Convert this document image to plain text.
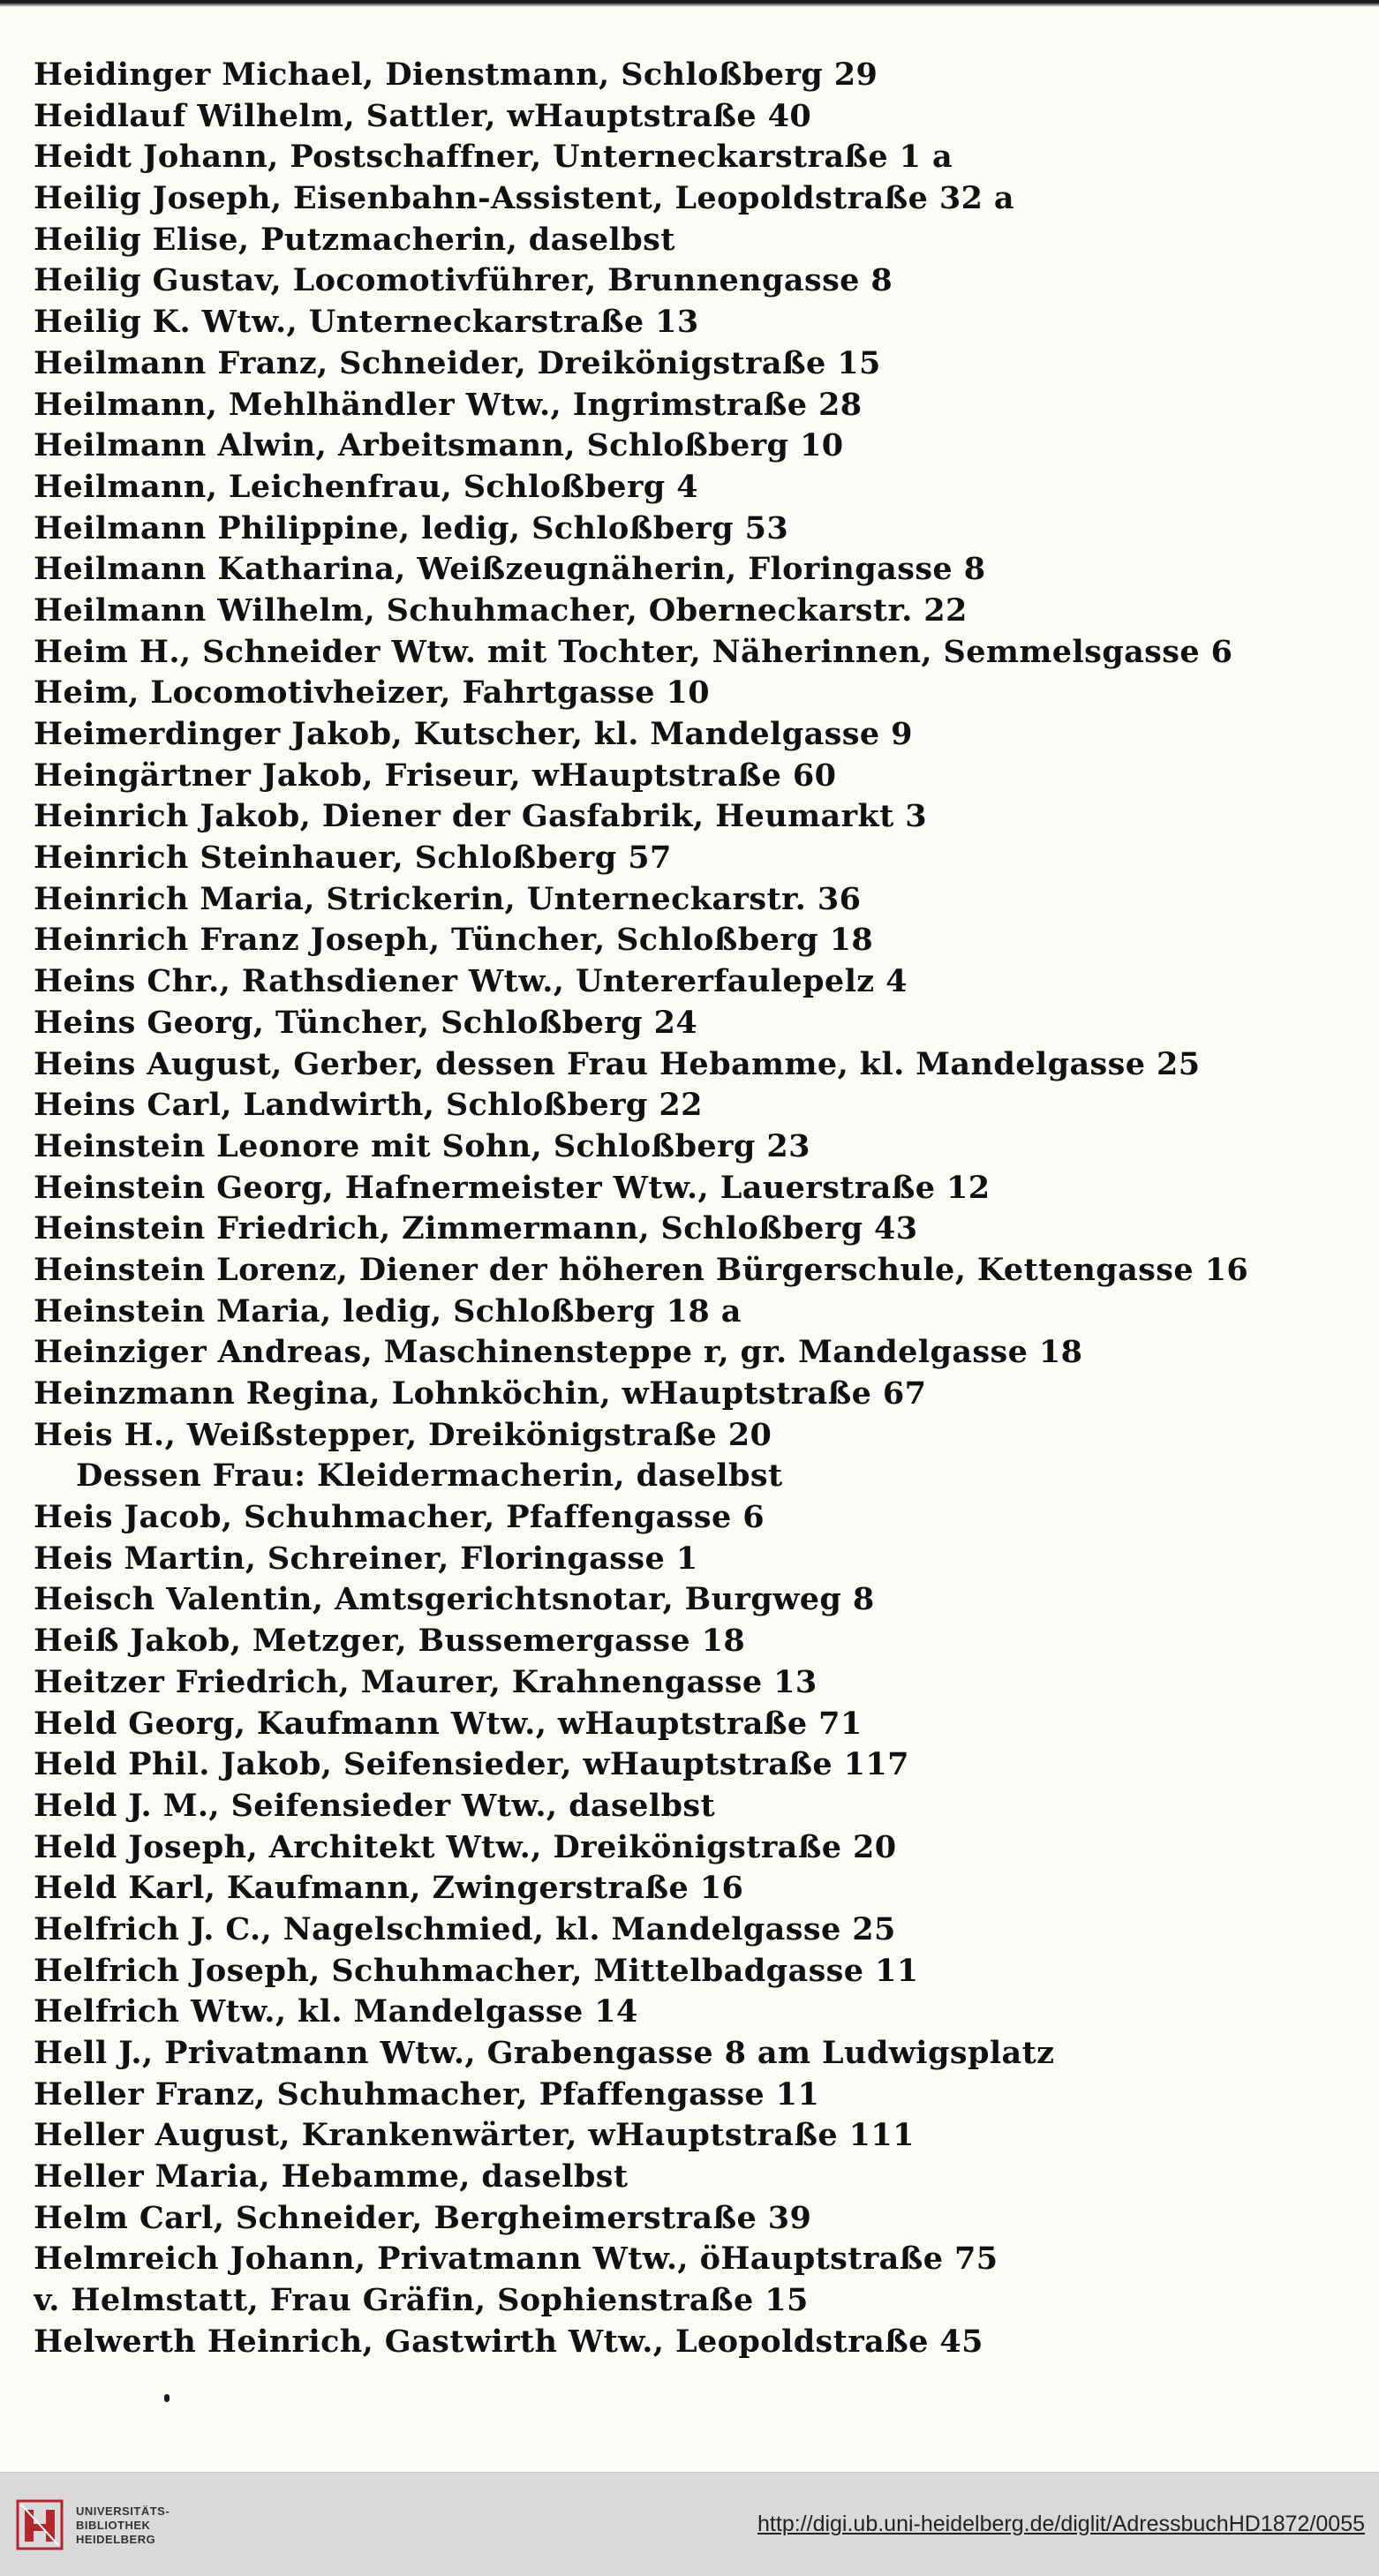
Heidinger Michael, Dienstmann, Schloßberg 29
Heidlauf Wilhelm, Sattler, wHauptstraße 40
Heidt Johann, Postschaffner, Unterneckarstraße 1 a
Heilig Joseph, Eisenbahn-Assistent, Leopoldstraße 32 a
Heilig Elise, Putzmacherin, daselbst
Heilig Gustav, Locomotivführer, Brunnengasse 8
Heilig K. Wtw., Unterneckarstraße 13
Heilmann Franz, Schneider, Dreikönigstraße 15
Heilmann, Mehlhändler Wtw., Ingrimstraße 28
Heilmann Alwin, Arbeitsmann, Schloßberg 10
Heilmann, Leichenfrau, Schloßberg 4
Heilmann Philippine, ledig, Schloßberg 53
Heilmann Katharina, Weißzeugnäherin, Floringasse 8
Heilmann Wilhelm, Schuhmacher, Oberneckarstr. 22
Heim H., Schneider Wtw. mit Tochter, Näherinnen, Semmelsgasse 6
Heim, Locomotivheizer, Fahrtgasse 10
Heimerdinger Jakob, Kutscher, kl. Mandelgasse 9
Heingärtner Jakob, Friseur, wHauptstraße 60
Heinrich Jakob, Diener der Gasfabrik, Heumarkt 3
Heinrich Steinhauer, Schloßberg 57
Heinrich Maria, Strickerin, Unterneckarstr. 36
Heinrich Franz Joseph, Tüncher, Schloßberg 18
Heins Chr., Rathsdiener Wtw., Untererfaulepelz 4
Heins Georg, Tüncher, Schloßberg 24
Heins August, Gerber, dessen Frau Hebamme, kl. Mandelgasse 25
Heins Carl, Landwirth, Schloßberg 22
Heinstein Leonore mit Sohn, Schloßberg 23
Heinstein Georg, Hafnermeister Wtw., Lauerstraße 12
Heinstein Friedrich, Zimmermann, Schloßberg 43
Heinstein Lorenz, Diener der höheren Bürgerschule, Kettengasse 16
Heinstein Maria, ledig, Schloßberg 18 a
Heinziger Andreas, Maschinensteppe r, gr. Mandelgasse 18
Heinzmann Regina, Lohnköchin, wHauptstraße 67
Heis H., Weißstepper, Dreikönigstraße 20
Dessen Frau: Kleidermacherin, daselbst
Heis Jacob, Schuhmacher, Pfaffengasse 6
Heis Martin, Schreiner, Floringasse 1
Heisch Valentin, Amtsgerichtsnotar, Burgweg 8
Heiß Jakob, Metzger, Bussemergasse 18
Heitzer Friedrich, Maurer, Krahnengasse 13
Held Georg, Kaufmann Wtw., wHauptstraße 71
Held Phil. Jakob, Seifensieder, wHauptstraße 117
Held J. M., Seifensieder Wtw., daselbst
Held Joseph, Architekt Wtw., Dreikönigstraße 20
Held Karl, Kaufmann, Zwingerstraße 16
Helfrich J. C., Nagelschmied, kl. Mandelgasse 25
Helfrich Joseph, Schuhmacher, Mittelbadgasse 11
Helfrich Wtw., kl. Mandelgasse 14
Hell J., Privatmann Wtw., Grabengasse 8 am Ludwigsplatz
Heller Franz, Schuhmacher, Pfaffengasse 11
Heller August, Krankenwärter, wHauptstraße 111
Heller Maria, Hebamme, daselbst
Helm Carl, Schneider, Bergheimerstraße 39
Helmreich Johann, Privatmann Wtw., öHauptstraße 75
v. Helmstatt, Frau Gräfin, Sophienstraße 15
Helwerth Heinrich, Gastwirth Wtw., Leopoldstraße 45
UNIVERSITÄTS-
BIBLIOTHEK
HEIDELBERG
http://digi.ub.uni-heidelberg.de/diglit/AdressbuchHD1872/0055
